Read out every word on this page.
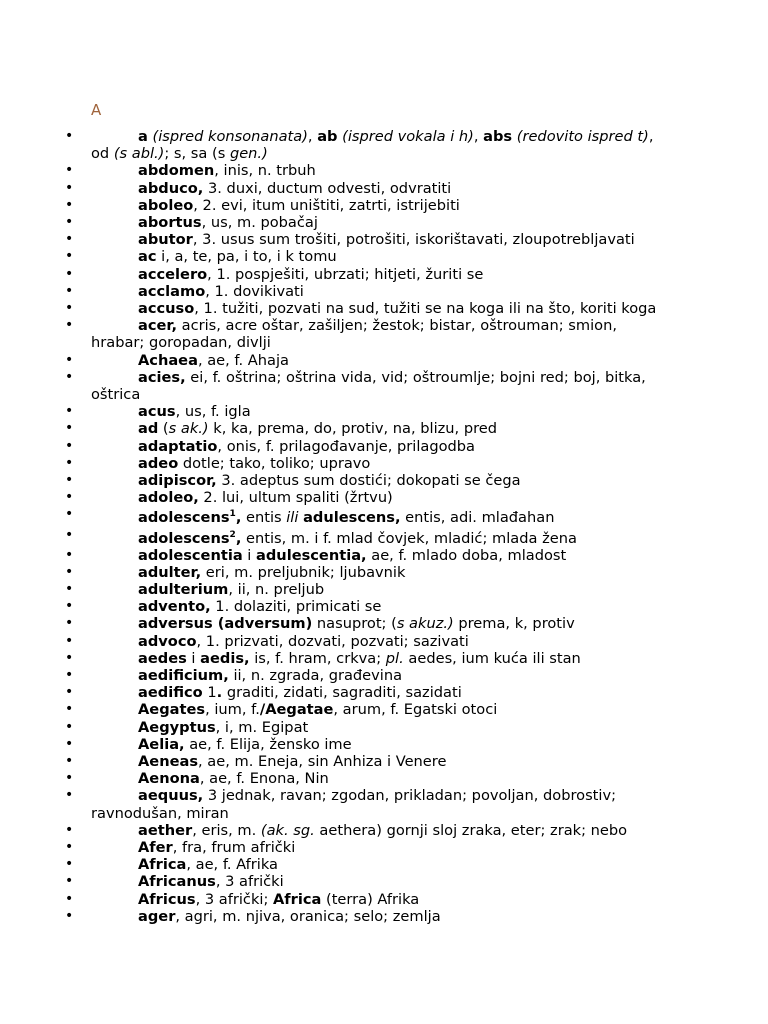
A
•	a (ispred konsonanata), ab (ispred vokala i h), abs (redovito ispred t), od (s abl.); s, sa (s gen.)
•	abdomen, inis, n. trbuh
•	abduco, 3. duxi, ductum odvesti, odvratiti
•	aboleo, 2. evi, itum uništiti, zatrti, istrijebiti
•	abortus, us, m. pobačaj
•	abutor, 3. usus sum trošiti, potrošiti, iskorištavati, zloupotrebljavati
•	ac i, a, te, pa, i to, i k tomu
•	accelero, 1. pospješiti, ubrzati; hitjeti, žuriti se
•	acclamo, 1. dovikivati
•	accuso, 1. tužiti, pozvati na sud, tužiti se na koga ili na što, koriti koga
•	acer, acris, acre oštar, zašiljen; žestok; bistar, oštrouman; smion, hrabar; goropadan, divlji
•	Achaea, ae, f. Ahaja
•	acies, ei, f. oštrina; oštrina vida, vid; oštroumlje; bojni red; boj, bitka, oštrica
•	acus, us, f. igla
•	ad (s ak.) k, ka, prema, do, protiv, na, blizu, pred
•	adaptatio, onis, f. prilagođavanje, prilagodba
•	adeo dotle; tako, toliko; upravo
•	adipiscor, 3. adeptus sum dostići; dokopati se čega
•	adoleo, 2. lui, ultum spaliti (žrtvu)
•	adolescens$^1$, entis ili adulescens, entis, adi. mlađahan
•	adolescens$^2$, entis, m. i f. mlad čovjek, mladić; mlada žena
•	adolescentia i adulescentia, ae, f. mlado doba, mladost
•	adulter, eri, m. preljubnik; ljubavnik
•	adulterium, ii, n. preljub
•	advento, 1. dolaziti, primicati se
•	adversus (adversum) nasuprot; (s akuz.) prema, k, protiv
•	advoco, 1. prizvati, dozvati, pozvati; sazivati
•	aedes i aedis, is, f. hram, crkva; pl. aedes, ium kuća ili stan
•	aedificium, ii, n. zgrada, građevina
•	aedifico 1. graditi, zidati, sagraditi, sazidati
•	Aegates, ium, f./Aegatae, arum, f. Egatski otoci
•	Aegyptus, i, m. Egipat
•	Aelia, ae, f. Elija, žensko ime
•	Aeneas, ae, m. Eneja, sin Anhiza i Venere
•	Aenona, ae, f. Enona, Nin
•	aequus, 3 jednak, ravan; zgodan, prikladan; povoljan, dobrostiv; ravnodušan, miran
•	aether, eris, m. (ak. sg. aethera) gornji sloj zraka, eter; zrak; nebo
•	Afer, fra, frum afrički
•	Africa, ae, f. Afrika
•	Africanus, 3 afrički
•	Africus, 3 afrički; Africa (terra) Afrika
•	ager, agri, m. njiva, oranica; selo; zemlja
